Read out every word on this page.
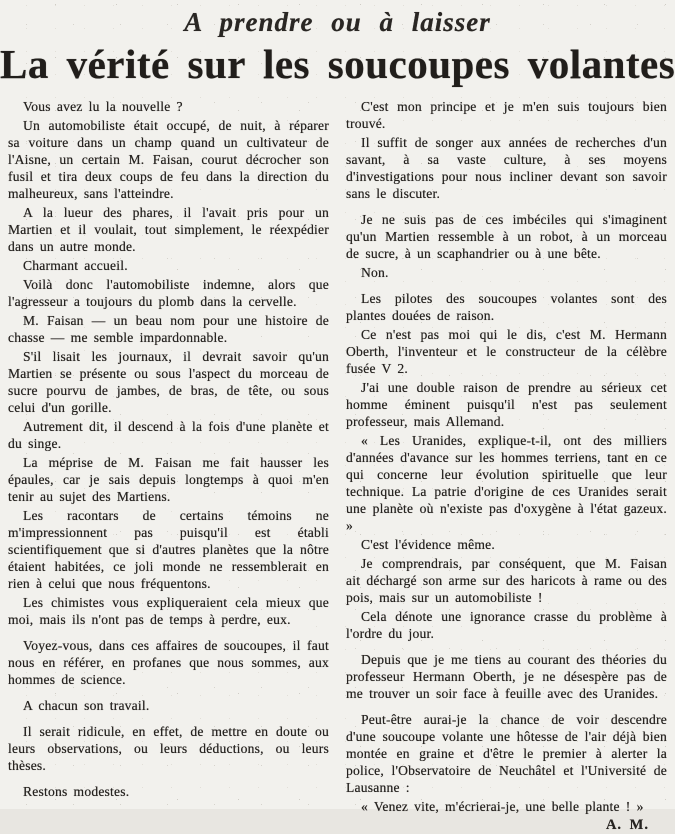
A prendre ou à laisser
La vérité sur les soucoupes volantes

Vous avez lu la nouvelle ?

Un automobiliste était occupé, de nuit, à réparer sa voiture dans un champ quand un cultivateur de l'Aisne, un certain M. Faisan, courut décrocher son fusil et tira deux coups de feu dans la direction du malheureux, sans l'atteindre.

A la lueur des phares, il l'avait pris pour un Martien et il voulait, tout simplement, le réexpédier dans un autre monde.

Charmant accueil.

Voilà donc l'automobiliste indemne, alors que l'agresseur a toujours du plomb dans la cervelle.

M. Faisan — un beau nom pour une histoire de chasse — me semble impardonnable.

S'il lisait les journaux, il devrait savoir qu'un Martien se présente ou sous l'aspect du morceau de sucre pourvu de jambes, de bras, de tête, ou sous celui d'un gorille.

Autrement dit, il descend à la fois d'une planète et du singe.

La méprise de M. Faisan me fait hausser les épaules, car je sais depuis longtemps à quoi m'en tenir au sujet des Martiens.

Les racontars de certains témoins ne m'impressionnent pas puisqu'il est établi scientifiquement que si d'autres planètes que la nôtre étaient habitées, ce joli monde ne ressemblerait en rien à celui que nous fréquentons.

Les chimistes vous expliqueraient cela mieux que moi, mais ils n'ont pas de temps à perdre, eux.

Voyez-vous, dans ces affaires de soucoupes, il faut nous en référer, en profanes que nous sommes, aux hommes de science.

A chacun son travail.

Il serait ridicule, en effet, de mettre en doute ou leurs observations, ou leurs déductions, ou leurs thèses.

Restons modestes.

C'est mon principe et je m'en suis toujours bien trouvé.

Il suffit de songer aux années de recherches d'un savant, à sa vaste culture, à ses moyens d'investigations pour nous incliner devant son savoir sans le discuter.

Je ne suis pas de ces imbéciles qui s'imaginent qu'un Martien ressemble à un robot, à un morceau de sucre, à un scaphandrier ou à une bête.

Non.

Les pilotes des soucoupes volantes sont des plantes douées de raison.

Ce n'est pas moi qui le dis, c'est M. Hermann Oberth, l'inventeur et le constructeur de la célèbre fusée V 2.

J'ai une double raison de prendre au sérieux cet homme éminent puisqu'il n'est pas seulement professeur, mais Allemand.

« Les Uranides, explique-t-il, ont des milliers d'années d'avance sur les hommes terriens, tant en ce qui concerne leur évolution spirituelle que leur technique. La patrie d'origine de ces Uranides serait une planète où n'existe pas d'oxygène à l'état gazeux. »

C'est l'évidence même.

Je comprendrais, par conséquent, que M. Faisan ait déchargé son arme sur des haricots à rame ou des pois, mais sur un automobiliste !

Cela dénote une ignorance crasse du problème à l'ordre du jour.

Depuis que je me tiens au courant des théories du professeur Hermann Oberth, je ne désespère pas de me trouver un soir face à feuille avec des Uranides.

Peut-être aurai-je la chance de voir descendre d'une soucoupe volante une hôtesse de l'air déjà bien montée en graine et d'être le premier à alerter la police, l'Observatoire de Neuchâtel et l'Université de Lausanne :

« Venez vite, m'écrierai-je, une belle plante ! »

A. M.
